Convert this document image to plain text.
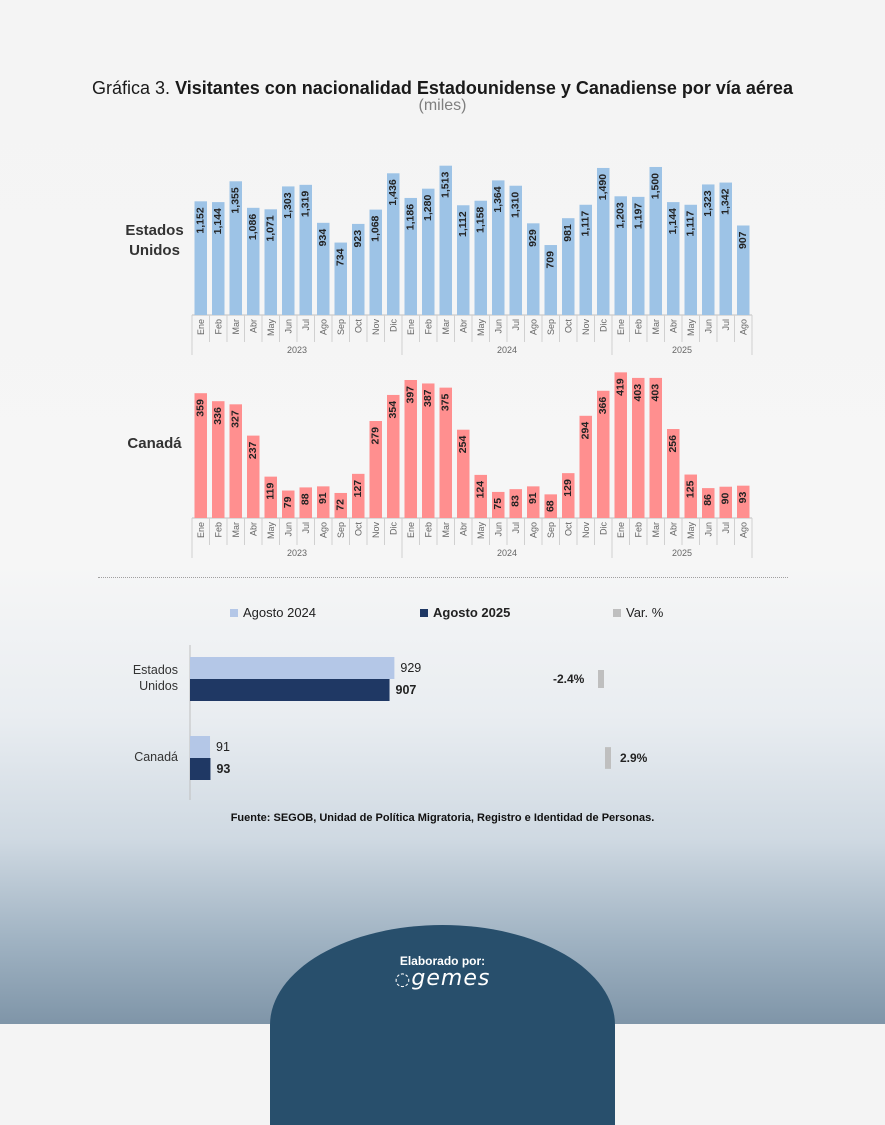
Gráfica 3. Visitantes con nacionalidad Estadounidense y Canadiense por vía aérea
(miles)
Estados
Unidos
Canadá
1,152
Ene
1,144
Feb
1,355
Mar
1,086
Abr
1,071
May
1,303
Jun
1,319
Jul
934
Ago
734
Sep
923
Oct
1,068
Nov
1,436
Dic
1,186
Ene
1,280
Feb
1,513
Mar
1,112
Abr
1,158
May
1,364
Jun
1,310
Jul
929
Ago
709
Sep
981
Oct
1,117
Nov
1,490
Dic
1,203
Ene
1,197
Feb
1,500
Mar
1,144
Abr
1,117
May
1,323
Jun
1,342
Jul
907
Ago
2023	2024	2025
359
Ene
336
Feb
327
Mar
237
Abr
119
May
79
Jun
88
Jul
91
Ago
72
Sep
127
Oct
279
Nov
354
Dic
397
Ene
387
Feb
375
Mar
254
Abr
124
May
75
Jun
83
Jul
91
Ago
68
Sep
129
Oct
294
Nov
366
Dic
419
Ene
403
Feb
403
Mar
256
Abr
125
May
86
Jun
90
Jul
93
Ago
2023	2024	2025
Agosto 2024	Agosto 2025	Var. %
Estados
Unidos
929
907
-2.4%
Canadá
91
93
2.9%
Fuente: SEGOB, Unidad de Política Migratoria, Registro e Identidad de Personas.
Elaborado por:
◌gemes
